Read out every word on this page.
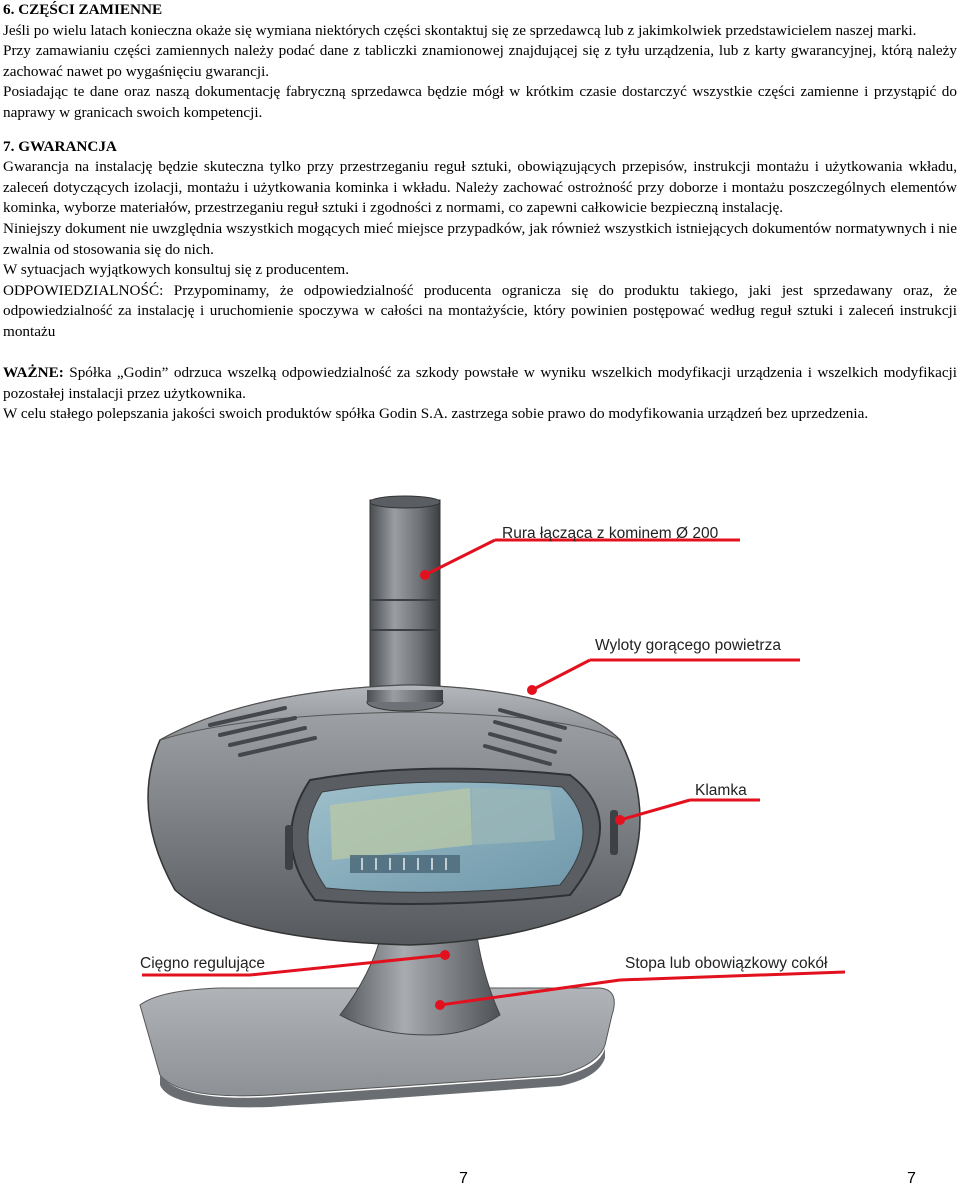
6. CZĘŚCI ZAMIENNE

Jeśli po wielu latach konieczna okaże się wymiana niektórych części skontaktuj się ze sprzedawcą lub z jakimkolwiek przedstawicielem naszej marki.

Przy zamawianiu części zamiennych należy podać dane z tabliczki znamionowej znajdującej się z tyłu urządzenia, lub z karty gwarancyjnej, którą należy zachować nawet po wygaśnięciu gwarancji.

Posiadając te dane oraz naszą dokumentację fabryczną sprzedawca będzie mógł w krótkim czasie dostarczyć wszystkie części zamienne i przystąpić do naprawy w granicach swoich kompetencji.

7. GWARANCJA

Gwarancja na instalację będzie skuteczna tylko przy przestrzeganiu reguł sztuki, obowiązujących przepisów, instrukcji montażu i użytkowania wkładu, zaleceń dotyczących izolacji, montażu i użytkowania kominka i wkładu. Należy zachować ostrożność przy doborze i montażu poszczególnych elementów kominka, wyborze materiałów, przestrzeganiu reguł sztuki i zgodności z normami, co zapewni całkowicie bezpieczną instalację.

Niniejszy dokument nie uwzględnia wszystkich mogących mieć miejsce przypadków, jak również wszystkich istniejących dokumentów normatywnych i nie zwalnia od stosowania się do nich.

W sytuacjach wyjątkowych konsultuj się z producentem.

ODPOWIEDZIALNOŚĆ: Przypominamy, że odpowiedzialność producenta ogranicza się do produktu takiego, jaki jest sprzedawany oraz, że odpowiedzialność za instalację i uruchomienie spoczywa w całości na montażyście, który powinien postępować według reguł sztuki i zaleceń instrukcji montażu

WAŻNE: Spółka „Godin” odrzuca wszelką odpowiedzialność za szkody powstałe w wyniku wszelkich modyfikacji urządzenia i wszelkich modyfikacji pozostałej instalacji przez użytkownika.

W celu stałego polepszania jakości swoich produktów spółka Godin S.A. zastrzega sobie prawo do modyfikowania urządzeń bez uprzedzenia.

Rura łącząca z kominem Ø 200
Wyloty gorącego powietrza
Klamka
Cięgno regulujące	Stopa lub obowiązkowy cokół
7	7
